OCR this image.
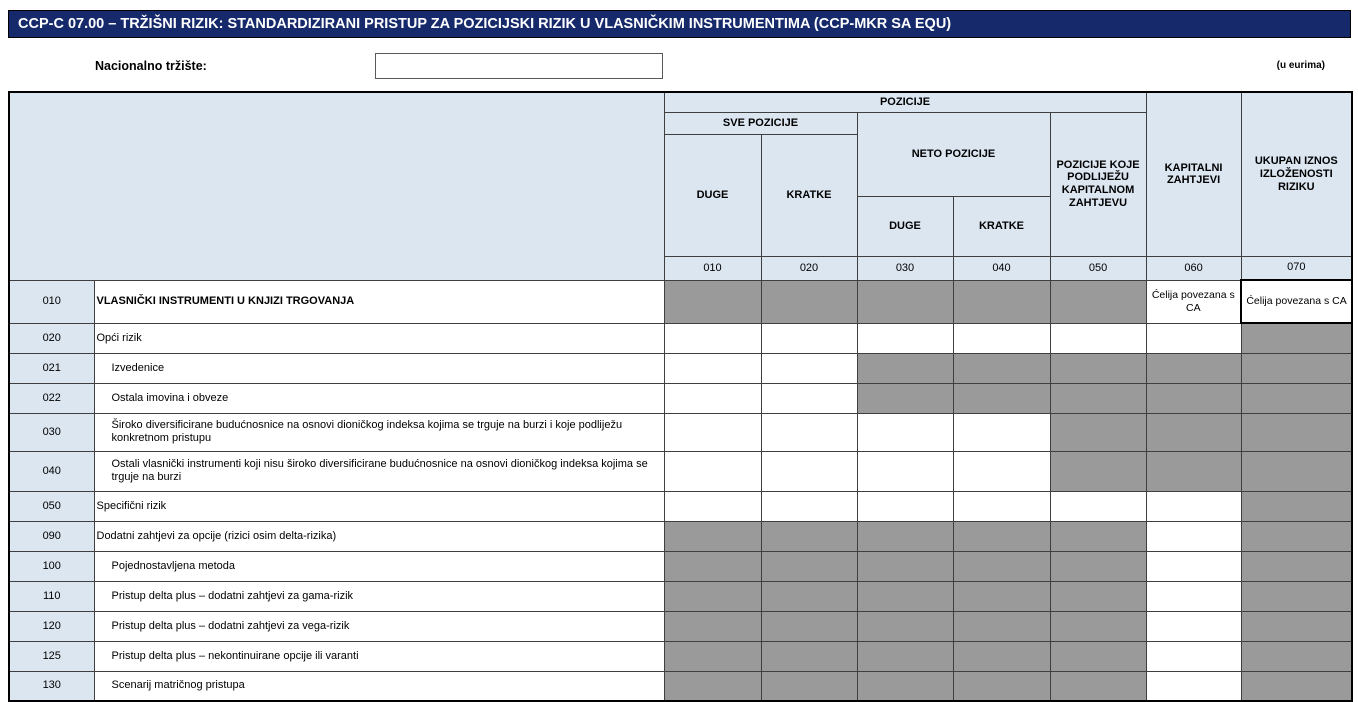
CCP-C 07.00 – TRŽIŠNI RIZIK: STANDARDIZIRANI PRISTUP ZA POZICIJSKI RIZIK U VLASNIČKIM INSTRUMENTIMA (CCP-MKR SA EQU)
Nacionalno tržište:	(u eurima)
		POZICIJE					KAPITALNI ZAHTJEVI	UKUPAN IZNOS IZLOŽENOSTI RIZIKU
		SVE POZICIJE		NETO POZICIJE		POZICIJE KOJE PODLIJEŽU KAPITALNOM ZAHTJEVU		
		DUGE	KRATKE					
				DUGE	KRATKE			
		010	020	030	040	050	060	070
010	VLASNIČKI INSTRUMENTI U KNJIZI TRGOVANJA						Ćelija povezana s CA	Ćelija povezana s CA
020	Opći rizik							
021	Izvedenice							
022	Ostala imovina i obveze							
030	Široko diversificirane budućnosnice na osnovi dioničkog indeksa kojima se trguje na burzi i koje podliježu konkretnom pristupu							
040	Ostali vlasnički instrumenti koji nisu široko diversificirane budućnosnice na osnovi dioničkog indeksa kojima se trguje na burzi							
050	Specifični rizik							
090	Dodatni zahtjevi za opcije (rizici osim delta-rizika)							
100	Pojednostavljena metoda							
110	Pristup delta plus – dodatni zahtjevi za gama-rizik							
120	Pristup delta plus – dodatni zahtjevi za vega-rizik							
125	Pristup delta plus – nekontinuirane opcije ili varanti							
130	Scenarij matričnog pristupa							
